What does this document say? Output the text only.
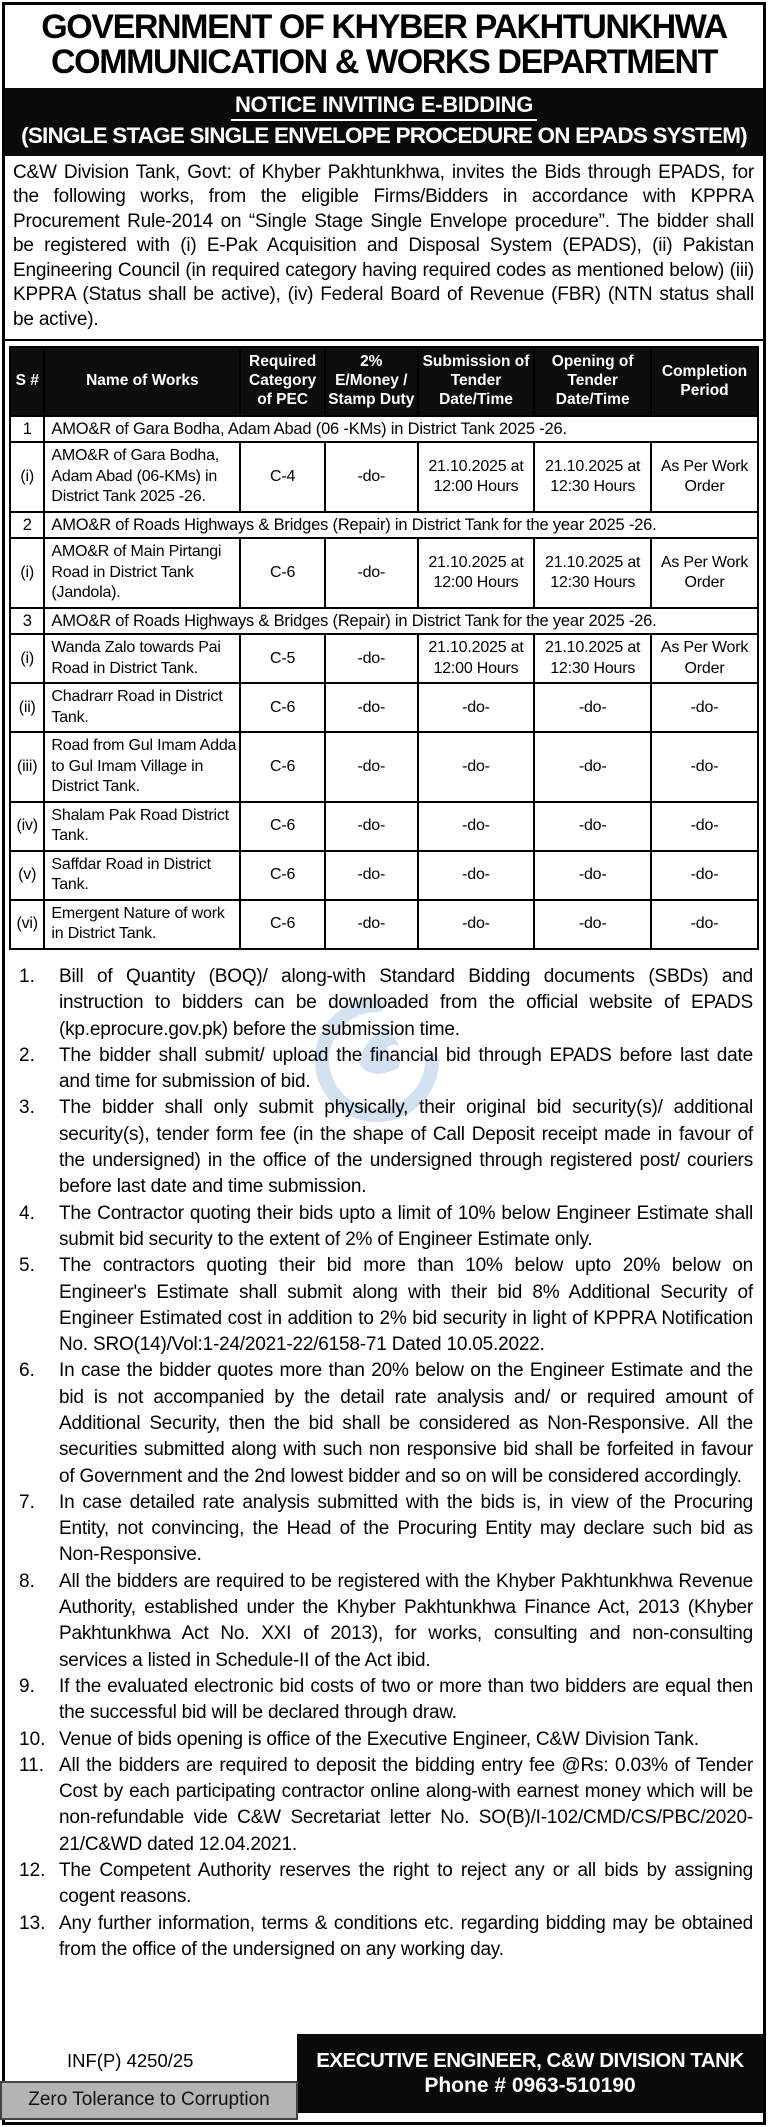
GOVERNMENT OF KHYBER PAKHTUNKHWA
COMMUNICATION & WORKS DEPARTMENT
NOTICE INVITING E-BIDDING
(SINGLE STAGE SINGLE ENVELOPE PROCEDURE ON EPADS SYSTEM)
C&W Division Tank, Govt: of Khyber Pakhtunkhwa, invites the Bids through EPADS, for the following works, from the eligible Firms/Bidders in accordance with KPPRA Procurement Rule-2014 on “Single Stage Single Envelope procedure”. The bidder shall be registered with (i) E-Pak Acquisition and Disposal System (EPADS), (ii) Pakistan Engineering Council (in required category having required codes as mentioned below) (iii) KPPRA (Status shall be active), (iv) Federal Board of Revenue (FBR) (NTN status shall be active).
S #	Name of Works	Required Category of PEC	2% E/Money / Stamp Duty	Submission of Tender Date/Time	Opening of Tender Date/Time	Completion Period
1	AMO&R of Gara Bodha, Adam Abad (06 -KMs) in District Tank 2025 -26.					
(i)	AMO&R of Gara Bodha, Adam Abad (06-KMs) in District Tank 2025 -26.	C-4	-do-	21.10.2025 at 12:00 Hours	21.10.2025 at 12:30 Hours	As Per Work Order
2	AMO&R of Roads Highways & Bridges (Repair) in District Tank for the year 2025 -26.					
(i)	AMO&R of Main Pirtangi Road in District Tank (Jandola).	C-6	-do-	21.10.2025 at 12:00 Hours	21.10.2025 at 12:30 Hours	As Per Work Order
3	AMO&R of Roads Highways & Bridges (Repair) in District Tank for the year 2025 -26.					
(i)	Wanda Zalo towards Pai Road in District Tank.	C-5	-do-	21.10.2025 at 12:00 Hours	21.10.2025 at 12:30 Hours	As Per Work Order
(ii)	Chadrarr Road in District Tank.	C-6	-do-	-do-	-do-	-do-
(iii)	Road from Gul Imam Adda to Gul Imam Village in District Tank.	C-6	-do-	-do-	-do-	-do-
(iv)	Shalam Pak Road District Tank.	C-6	-do-	-do-	-do-	-do-
(v)	Saffdar Road in District Tank.	C-6	-do-	-do-	-do-	-do-
(vi)	Emergent Nature of work in District Tank.	C-6	-do-	-do-	-do-	-do-
1.	Bill of Quantity (BOQ)/ along-with Standard Bidding documents (SBDs) and instruction to bidders can be downloaded from the official website of EPADS (kp.eprocure.gov.pk) before the submission time.
2.	The bidder shall submit/ upload the financial bid through EPADS before last date and time for submission of bid.
3.	The bidder shall only submit physically, their original bid security(s)/ additional security(s), tender form fee (in the shape of Call Deposit receipt made in favour of the undersigned) in the office of the undersigned through registered post/ couriers before last date and time submission.
4.	The Contractor quoting their bids upto a limit of 10% below Engineer Estimate shall submit bid security to the extent of 2% of Engineer Estimate only.
5.	The contractors quoting their bid more than 10% below upto 20% below on Engineer's Estimate shall submit along with their bid 8% Additional Security of Engineer Estimated cost in addition to 2% bid security in light of KPPRA Notification No. SRO(14)/Vol:1-24/2021-22/6158-71 Dated 10.05.2022.
6.	In case the bidder quotes more than 20% below on the Engineer Estimate and the bid is not accompanied by the detail rate analysis and/ or required amount of Additional Security, then the bid shall be considered as Non-Responsive. All the securities submitted along with such non responsive bid shall be forfeited in favour of Government and the 2nd lowest bidder and so on will be considered accordingly.
7.	In case detailed rate analysis submitted with the bids is, in view of the Procuring Entity, not convincing, the Head of the Procuring Entity may declare such bid as Non-Responsive.
8.	All the bidders are required to be registered with the Khyber Pakhtunkhwa Revenue Authority, established under the Khyber Pakhtunkhwa Finance Act, 2013 (Khyber Pakhtunkhwa Act No. XXI of 2013), for works, consulting and non-consulting services a listed in Schedule-II of the Act ibid.
9.	If the evaluated electronic bid costs of two or more than two bidders are equal then the successful bid will be declared through draw.
10. Venue of bids opening is office of the Executive Engineer, C&W Division Tank.
11. All the bidders are required to deposit the bidding entry fee @Rs: 0.03% of Tender Cost by each participating contractor online along-with earnest money which will be non-refundable vide C&W Secretariat letter No. SO(B)/I-102/CMD/CS/PBC/2020-21/C&WD dated 12.04.2021.
12. The Competent Authority reserves the right to reject any or all bids by assigning cogent reasons.
13. Any further information, terms & conditions etc. regarding bidding may be obtained from the office of the undersigned on any working day.
INF(P) 4250/25	EXECUTIVE ENGINEER, C&W DIVISION TANK
Phone # 0963-510190
Zero Tolerance to Corruption
